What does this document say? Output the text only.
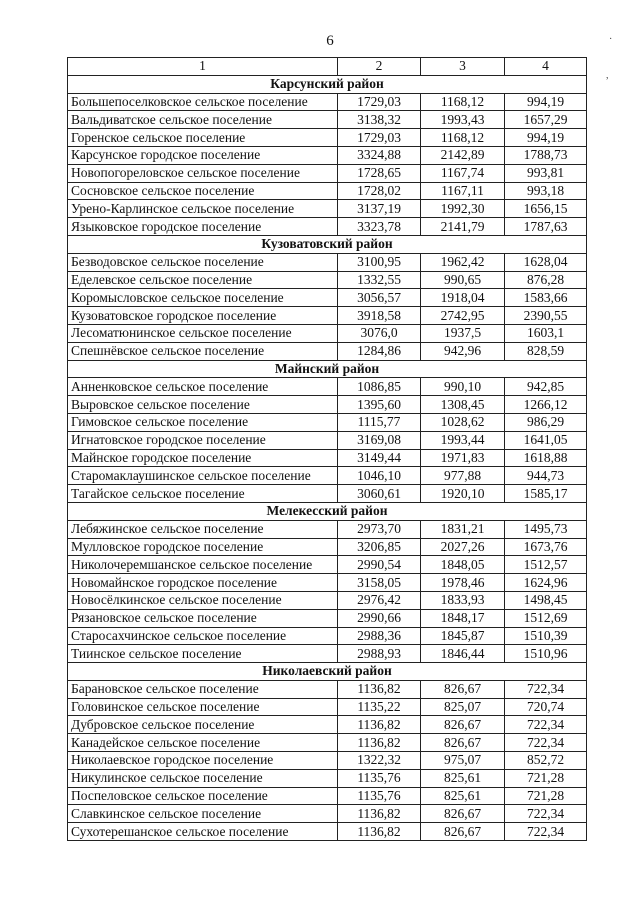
6	·
,
1	2	3	4
Карсунский район			
Большепоселковское сельское поселение	1729,03	1168,12	994,19
Вальдиватское сельское поселение	3138,32	1993,43	1657,29
Горенское сельское поселение	1729,03	1168,12	994,19
Карсунское городское поселение	3324,88	2142,89	1788,73
Новопогореловское сельское поселение	1728,65	1167,74	993,81
Сосновское сельское поселение	1728,02	1167,11	993,18
Урено-Карлинское сельское поселение	3137,19	1992,30	1656,15
Языковское городское поселение	3323,78	2141,79	1787,63
Кузоватовский район			
Безводовское сельское поселение	3100,95	1962,42	1628,04
Еделевское сельское поселение	1332,55	990,65	876,28
Коромысловское сельское поселение	3056,57	1918,04	1583,66
Кузоватовское городское поселение	3918,58	2742,95	2390,55
Лесоматюнинское сельское поселение	3076,0	1937,5	1603,1
Спешнёвское сельское поселение	1284,86	942,96	828,59
Майнский район			
Анненковское сельское поселение	1086,85	990,10	942,85
Выровское сельское поселение	1395,60	1308,45	1266,12
Гимовское сельское поселение	1115,77	1028,62	986,29
Игнатовское городское поселение	3169,08	1993,44	1641,05
Майнское городское поселение	3149,44	1971,83	1618,88
Старомаклаушинское сельское поселение	1046,10	977,88	944,73
Тагайское сельское поселение	3060,61	1920,10	1585,17
Мелекесский район			
Лебяжинское сельское поселение	2973,70	1831,21	1495,73
Мулловское городское поселение	3206,85	2027,26	1673,76
Николочеремшанское сельское поселение	2990,54	1848,05	1512,57
Новомайнское городское поселение	3158,05	1978,46	1624,96
Новосёлкинское сельское поселение	2976,42	1833,93	1498,45
Рязановское сельское поселение	2990,66	1848,17	1512,69
Старосахчинское сельское поселение	2988,36	1845,87	1510,39
Тиинское сельское поселение	2988,93	1846,44	1510,96
Николаевский район			
Барановское сельское поселение	1136,82	826,67	722,34
Головинское сельское поселение	1135,22	825,07	720,74
Дубровское сельское поселение	1136,82	826,67	722,34
Канадейское сельское поселение	1136,82	826,67	722,34
Николаевское городское поселение	1322,32	975,07	852,72
Никулинское сельское поселение	1135,76	825,61	721,28
Поспеловское сельское поселение	1135,76	825,61	721,28
Славкинское сельское поселение	1136,82	826,67	722,34
Сухотерешанское сельское поселение	1136,82	826,67	722,34
